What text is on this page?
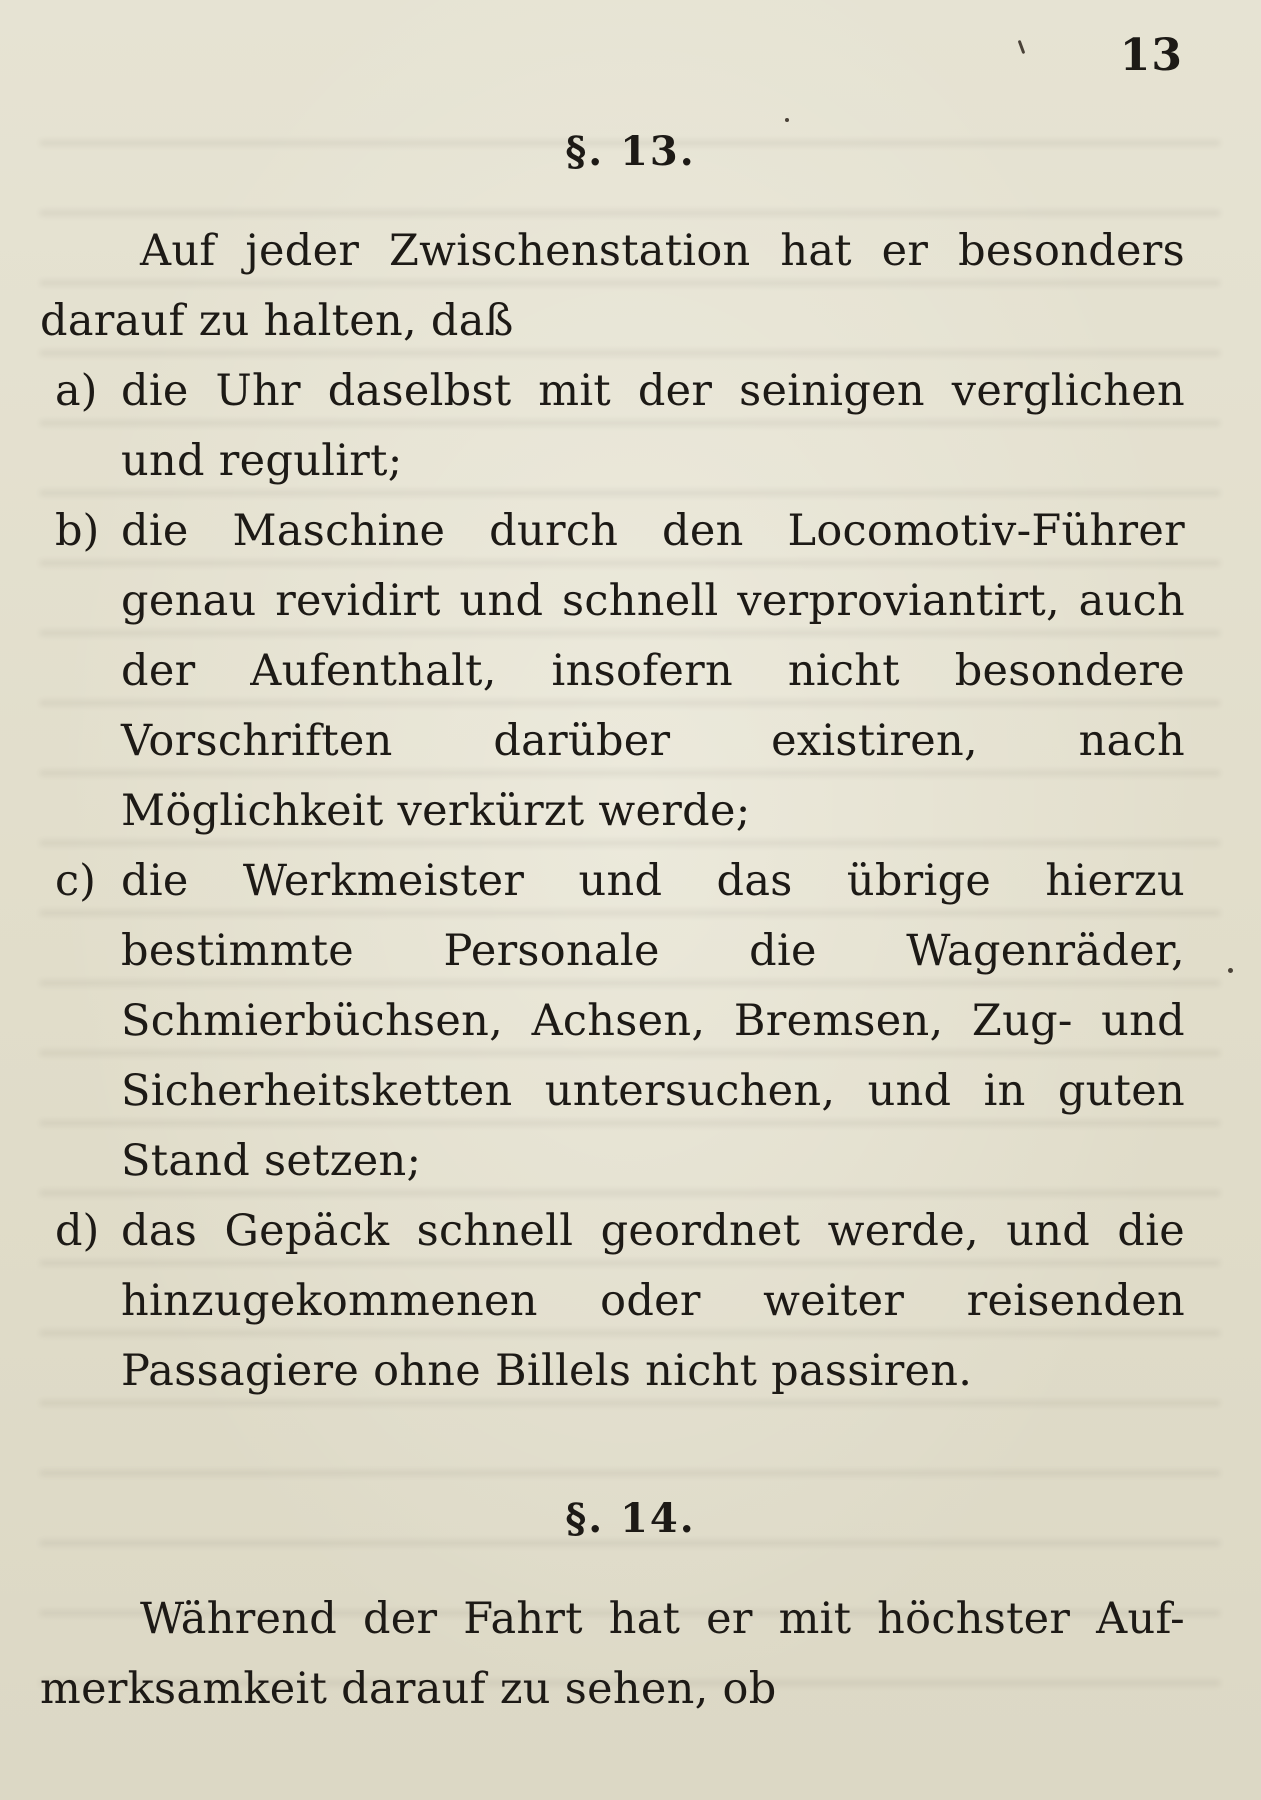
13
§. 13.

Auf jeder Zwischenstation hat er besonders

darauf zu halten, daß

a) die Uhr daselbst mit der seinigen verglichen und regulirt;

b) die Maschine durch den Locomotiv-Führer genau revidirt und schnell verproviantirt, auch der Aufenthalt, insofern nicht besondere Vorschriften darüber existiren, nach Möglichkeit verkürzt werde;

c) die Werkmeister und das übrige hierzu bestimmte Personale die Wagenräder, Schmierbüchsen, Achsen, Bremsen, Zug- und Sicherheitsketten untersuchen, und in guten Stand setzen;

d) das Gepäck schnell geordnet werde, und die hinzugekommenen oder weiter reisenden Passagiere ohne Billels nicht passiren.

§. 14.

Während der Fahrt hat er mit höchster Auf-

merksamkeit darauf zu sehen, ob
